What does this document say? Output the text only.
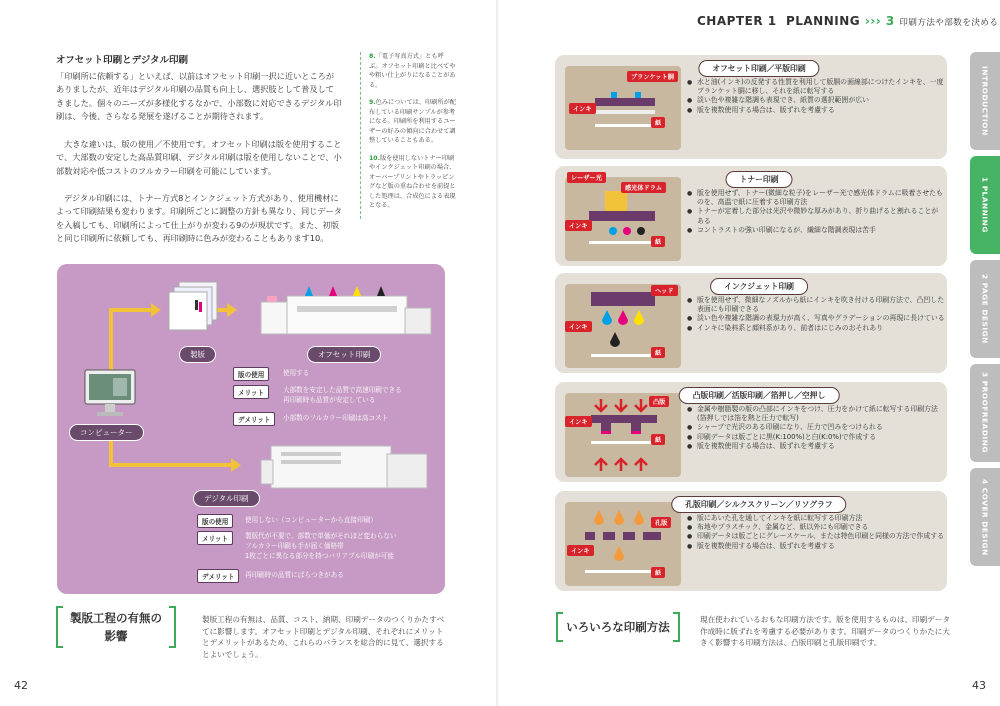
オフセット印刷とデジタル印刷
「印刷所に依頼する」といえば、以前はオフセット印刷一択に近いところがありましたが、近年はデジタル印刷の品質も向上し、選択肢として普及してきました。個々のニーズが多様化するなかで、小部数に対応できるデジタル印刷は、今後、さらなる発展を遂げることが期待されます。
大きな違いは、版の使用／不使用です。オフセット印刷は版を使用することで、大部数の安定した高品質印刷、デジタル印刷は版を使用しないことで、小部数対応や低コストのフルカラー印刷を可能にしています。
デジタル印刷には、トナー方式8とインクジェット方式があり、使用機材によって印刷結果も変わります。印刷所ごとに調整の方針も異なり、同じデータを入稿しても、印刷所によって仕上がりが変わる9のが現状です。また、初版と同じ印刷所に依頼しても、再印刷時に色みが変わることもあります10。

8.「電子写真方式」とも呼ぶ。オフセット印刷と比べてやや粗い仕上がりになることがある。

9.色みについては、印刷所が配布している印刷サンプルが参考になる。印刷所を利用するユーザーの好みの傾向に合わせて調整していることもある。

10.版を使用しないトナー印刷やインクジェット印刷の場合、オーバープリントやトラッピングなど版の重ね合わせを前提とした処理は、合成色による表現となる。

コンピューター
製版	オフセット印刷
版の使用	使用する
メリット	大部数を安定した品質で高速印刷できる
再印刷時も品質が安定している
デメリット	小部数のフルカラー印刷は高コスト
デジタル印刷
版の使用	使用しない（コンピューターから直接印刷）
メリット	製版代が不要で、部数で単価がそれほど変わらない
フルカラー印刷も手が届く価格帯
1枚ごとに異なる部分を持つバリアブル印刷が可能
デメリット	再印刷時の品質にばらつきがある
製版工程の有無の影響
製版工程の有無は、品質、コスト、納期、印刷データのつくりかたすべてに影響します。オフセット印刷とデジタル印刷、それぞれにメリットとデメリットがあるため、これらのバランスを総合的に見て、選択するとよいでしょう。
42
CHAPTER 1 PLANNING ››› 3 印刷方法や部数を決める
ブランケット胴
インキ
紙
オフセット印刷／平版印刷
● 水と油(インキ)の反発する性質を利用して版胴の画線部につけたインキを、一度ブランケット胴に移し、それを紙に転写する
● 淡い色や複雑な階調も表現でき、紙質の選択範囲が広い
● 版を複数使用する場合は、版ずれを考慮する
レーザー光
感光体ドラム
インキ
紙
トナー印刷
● 版を使用せず、トナー(微細な粒子)をレーザー光で感光体ドラムに吸着させたものを、高温で紙に圧着する印刷方法
● トナーが定着した部分は光沢や微妙な厚みがあり、折り曲げると割れることがある
● コントラストの強い印刷になるが、繊細な階調表現は苦手
ヘッド
インキ
紙
インクジェット印刷
● 版を使用せず、微細なノズルから紙にインキを吹き付ける印刷方法で、凸凹した表面にも印刷できる
● 淡い色や複雑な階調の表現力が高く、写真やグラデーションの再現に長けている
● インキに染料系と顔料系があり、前者はにじみのおそれあり
凸版
インキ
紙
凸版印刷／活版印刷／箔押し／空押し
● 金属や樹脂製の版の凸部にインキをつけ、圧力をかけて紙に転写する印刷方法(箔押しでは箔を熱と圧力で転写)
● シャープで光沢のある印刷になり、圧力で凹みをつけられる
● 印刷データは版ごとに黒(K:100%)と白(K:0%)で作成する
● 版を複数使用する場合は、版ずれを考慮する
孔版
インキ
紙
孔版印刷／シルクスクリーン／リソグラフ
● 版にあいた孔を通してインキを紙に転写する印刷方法
● 布地やプラスチック、金属など、紙以外にも印刷できる
● 印刷データは版ごとにグレースケール、または特色印刷と同様の方法で作成する
● 版を複数使用する場合は、版ずれを考慮する
いろいろな印刷方法
現在使われているおもな印刷方法です。版を使用するものは、印刷データ作成時に版ずれを考慮する必要があります。印刷データのつくりかたに大きく影響する印刷方法は、凸版印刷と孔版印刷です。
INTRODUCTION
1 PLANNING
2 PAGE DESIGN
3 PROOFREADING
4 COVER DESIGN
43
